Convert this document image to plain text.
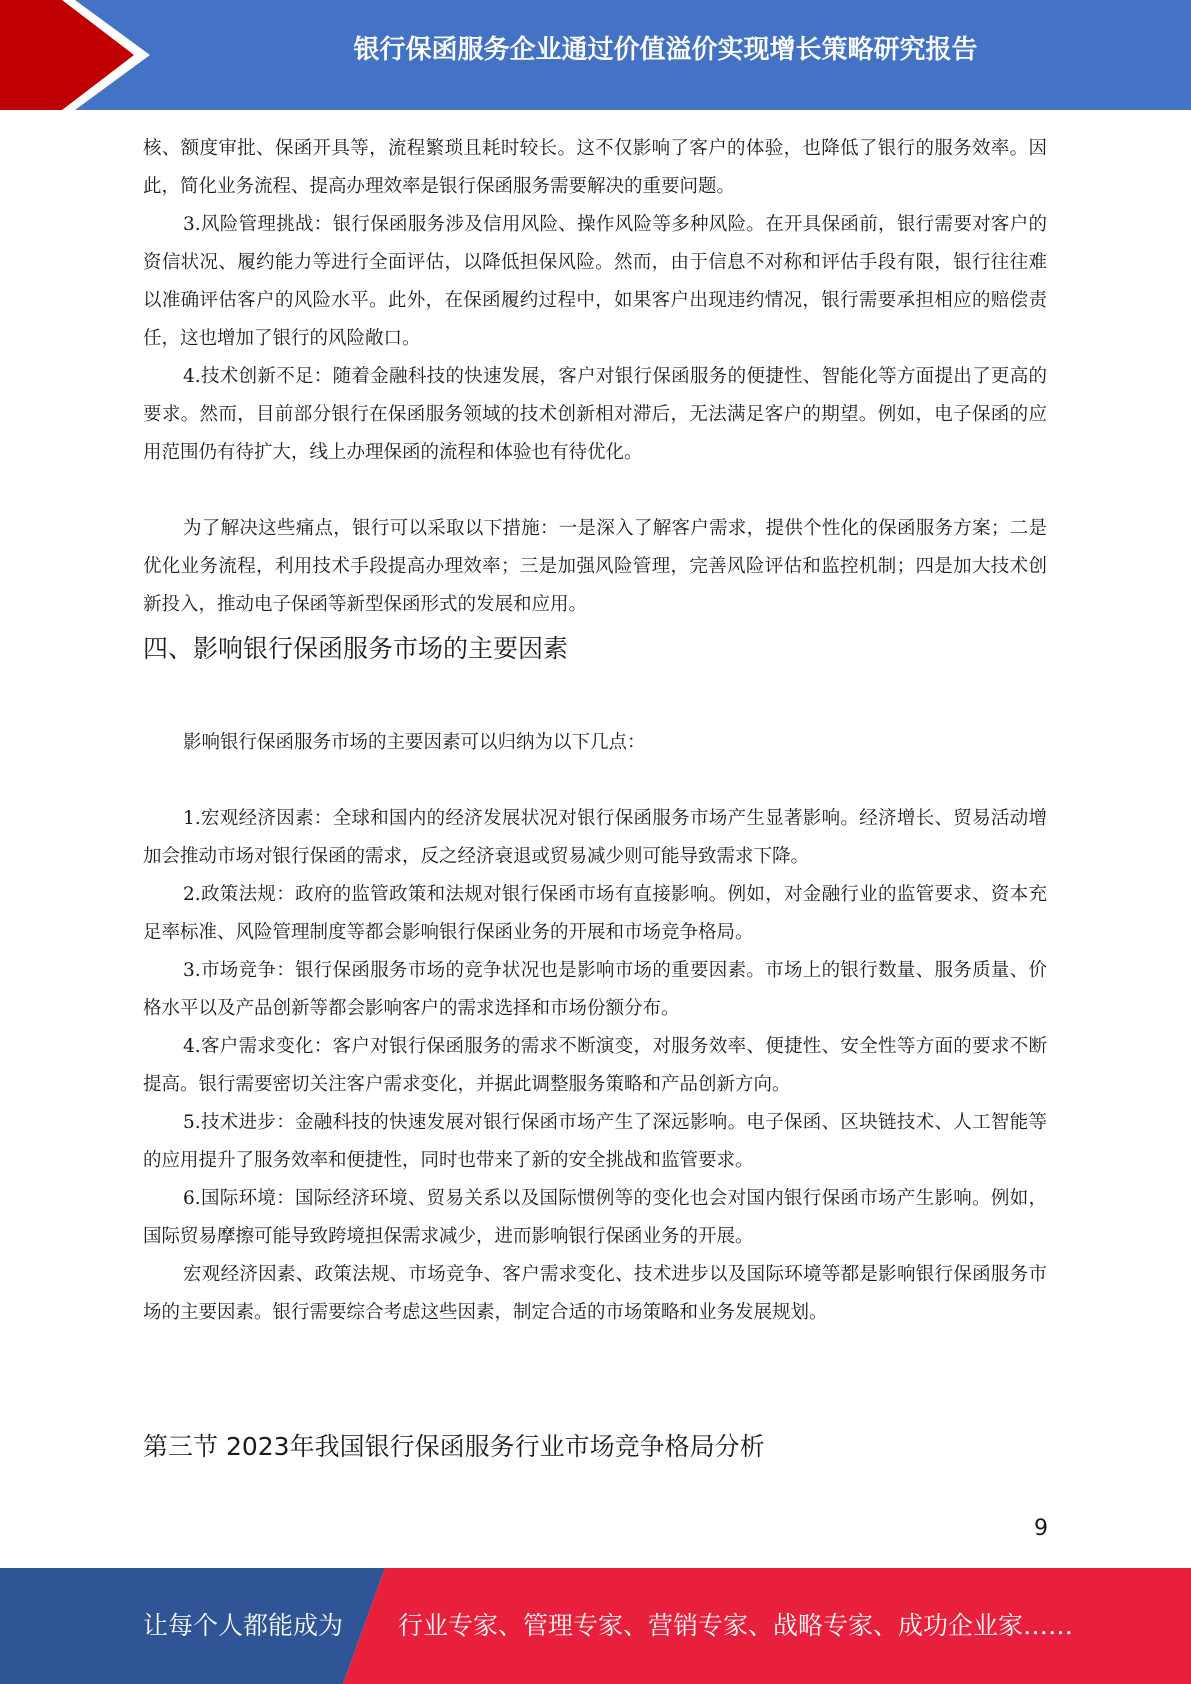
银行保函服务企业通过价值溢价实现增长策略研究报告

核、额度审批、保函开具等，流程繁琐且耗时较长。这不仅影响了客户的体验，也降低了银行的服务效率。因此，简化业务流程、提高办理效率是银行保函服务需要解决的重要问题。

3.风险管理挑战：银行保函服务涉及信用风险、操作风险等多种风险。在开具保函前，银行需要对客户的资信状况、履约能力等进行全面评估，以降低担保风险。然而，由于信息不对称和评估手段有限，银行往往难以准确评估客户的风险水平。此外，在保函履约过程中，如果客户出现违约情况，银行需要承担相应的赔偿责任，这也增加了银行的风险敞口。

4.技术创新不足：随着金融科技的快速发展，客户对银行保函服务的便捷性、智能化等方面提出了更高的要求。然而，目前部分银行在保函服务领域的技术创新相对滞后，无法满足客户的期望。例如，电子保函的应用范围仍有待扩大，线上办理保函的流程和体验也有待优化。

为了解决这些痛点，银行可以采取以下措施：一是深入了解客户需求，提供个性化的保函服务方案；二是优化业务流程，利用技术手段提高办理效率；三是加强风险管理，完善风险评估和监控机制；四是加大技术创新投入，推动电子保函等新型保函形式的发展和应用。

四、影响银行保函服务市场的主要因素

影响银行保函服务市场的主要因素可以归纳为以下几点：

1.宏观经济因素：全球和国内的经济发展状况对银行保函服务市场产生显著影响。经济增长、贸易活动增加会推动市场对银行保函的需求，反之经济衰退或贸易减少则可能导致需求下降。

2.政策法规：政府的监管政策和法规对银行保函市场有直接影响。例如，对金融行业的监管要求、资本充足率标准、风险管理制度等都会影响银行保函业务的开展和市场竞争格局。

3.市场竞争：银行保函服务市场的竞争状况也是影响市场的重要因素。市场上的银行数量、服务质量、价格水平以及产品创新等都会影响客户的需求选择和市场份额分布。

4.客户需求变化：客户对银行保函服务的需求不断演变，对服务效率、便捷性、安全性等方面的要求不断提高。银行需要密切关注客户需求变化，并据此调整服务策略和产品创新方向。

5.技术进步：金融科技的快速发展对银行保函市场产生了深远影响。电子保函、区块链技术、人工智能等的应用提升了服务效率和便捷性，同时也带来了新的安全挑战和监管要求。

6.国际环境：国际经济环境、贸易关系以及国际惯例等的变化也会对国内银行保函市场产生影响。例如，国际贸易摩擦可能导致跨境担保需求减少，进而影响银行保函业务的开展。

宏观经济因素、政策法规、市场竞争、客户需求变化、技术进步以及国际环境等都是影响银行保函服务市场的主要因素。银行需要综合考虑这些因素，制定合适的市场策略和业务发展规划。

第三节 2023年我国银行保函服务行业市场竞争格局分析
9
让每个人都能成为 行业专家、管理专家、营销专家、战略专家、成功企业家……
